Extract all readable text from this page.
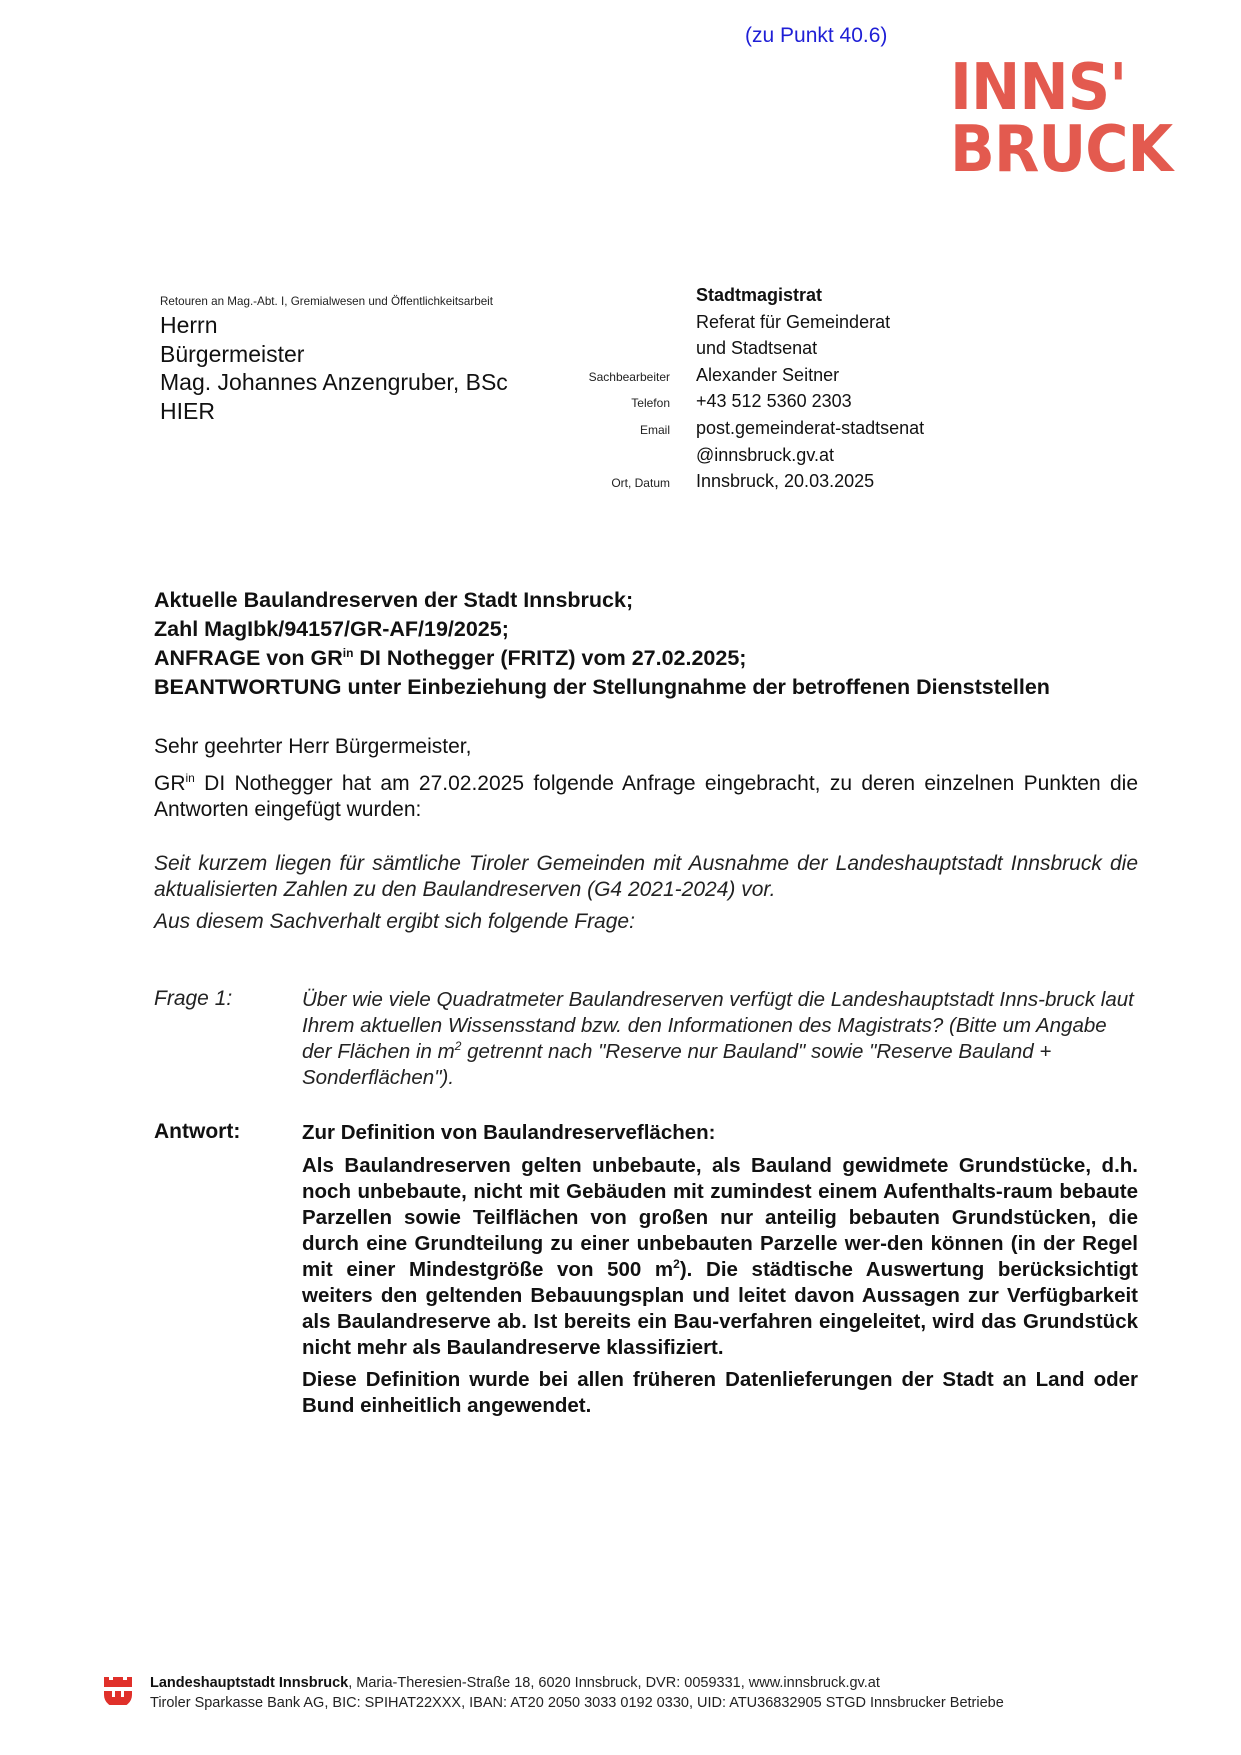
(zu Punkt 40.6)
INNS'
BRUCK
Retouren an Mag.-Abt. I, Gremialwesen und Öffentlichkeitsarbeit
Herrn
Bürgermeister
Mag. Johannes Anzengruber, BSc
HIER
Stadtmagistrat
Referat für Gemeinderat
und Stadtsenat
Sachbearbeiter	Alexander Seitner
Telefon	+43 512 5360 2303
Email	post.gemeinderat-stadtsenat
@innsbruck.gv.at
Ort, Datum	Innsbruck, 20.03.2025
Aktuelle Baulandreserven der Stadt Innsbruck;
Zahl MagIbk/94157/GR-AF/19/2025;
ANFRAGE von $GR^{in}$ DI Nothegger (FRITZ) vom 27.02.2025;
BEANTWORTUNG unter Einbeziehung der Stellungnahme der betroffenen Dienststellen
Sehr geehrter Herr Bürgermeister,
$GR^{in}$ DI Nothegger hat am 27.02.2025 folgende Anfrage eingebracht, zu deren einzelnen Punkten die Antworten eingefügt wurden:
Seit kurzem liegen für sämtliche Tiroler Gemeinden mit Ausnahme der Landeshauptstadt Innsbruck die aktualisierten Zahlen zu den Baulandreserven (G4 2021-2024) vor.
Aus diesem Sachverhalt ergibt sich folgende Frage:
Frage 1:	Über wie viele Quadratmeter Baulandreserven verfügt die Landeshauptstadt Inns-bruck laut Ihrem aktuellen Wissensstand bzw. den Informationen des Magistrats? (Bitte um Angabe der Flächen in $m^2$ getrennt nach "Reserve nur Bauland" sowie "Reserve Bauland + Sonderflächen").
Antwort:	Zur Definition von Baulandreserveflächen:

Als Baulandreserven gelten unbebaute, als Bauland gewidmete Grundstücke, d.h. noch unbebaute, nicht mit Gebäuden mit zumindest einem Aufenthalts-raum bebaute Parzellen sowie Teilflächen von großen nur anteilig bebauten Grundstücken, die durch eine Grundteilung zu einer unbebauten Parzelle wer-den können (in der Regel mit einer Mindestgröße von 500 $m^2$). Die städtische Auswertung berücksichtigt weiters den geltenden Bebauungsplan und leitet davon Aussagen zur Verfügbarkeit als Baulandreserve ab. Ist bereits ein Bau-verfahren eingeleitet, wird das Grundstück nicht mehr als Baulandreserve klassifiziert.

Diese Definition wurde bei allen früheren Datenlieferungen der Stadt an Land oder Bund einheitlich angewendet.

Landeshauptstadt Innsbruck, Maria-Theresien-Straße 18, 6020 Innsbruck, DVR: 0059331, www.innsbruck.gv.at
Tiroler Sparkasse Bank AG, BIC: SPIHAT22XXX, IBAN: AT20 2050 3033 0192 0330, UID: ATU36832905 STGD Innsbrucker Betriebe
